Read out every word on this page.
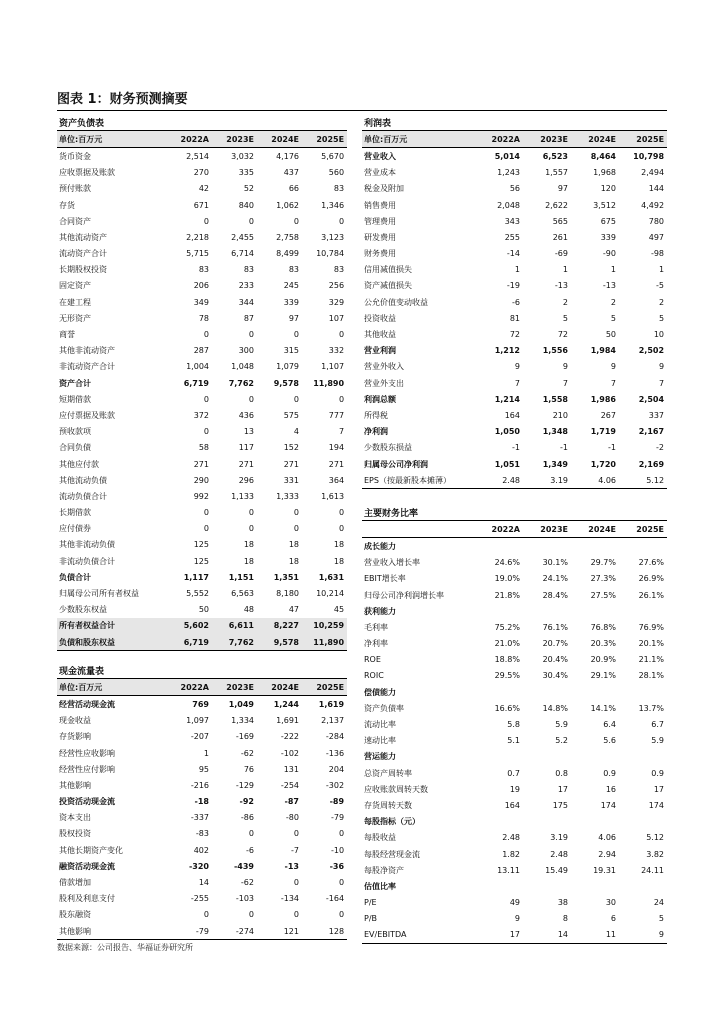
图表 1：财务预测摘要
资产负债表				
单位:百万元	2022A	2023E	2024E	2025E
货币资金	2,514	3,032	4,176	5,670
应收票据及账款	270	335	437	560
预付账款	42	52	66	83
存货	671	840	1,062	1,346
合同资产	0	0	0	0
其他流动资产	2,218	2,455	2,758	3,123
流动资产合计	5,715	6,714	8,499	10,784
长期股权投资	83	83	83	83
固定资产	206	233	245	256
在建工程	349	344	339	329
无形资产	78	87	97	107
商誉	0	0	0	0
其他非流动资产	287	300	315	332
非流动资产合计	1,004	1,048	1,079	1,107
资产合计	6,719	7,762	9,578	11,890
短期借款	0	0	0	0
应付票据及账款	372	436	575	777
预收款项	0	13	4	7
合同负债	58	117	152	194
其他应付款	271	271	271	271
其他流动负债	290	296	331	364
流动负债合计	992	1,133	1,333	1,613
长期借款	0	0	0	0
应付债券	0	0	0	0
其他非流动负债	125	18	18	18
非流动负债合计	125	18	18	18
负债合计	1,117	1,151	1,351	1,631
归属母公司所有者权益	5,552	6,563	8,180	10,214
少数股东权益	50	48	47	45
所有者权益合计	5,602	6,611	8,227	10,259
负债和股东权益	6,719	7,762	9,578	11,890
现金流量表				
单位:百万元	2022A	2023E	2024E	2025E
经营活动现金流	769	1,049	1,244	1,619
现金收益	1,097	1,334	1,691	2,137
存货影响	-207	-169	-222	-284
经营性应收影响	1	-62	-102	-136
经营性应付影响	95	76	131	204
其他影响	-216	-129	-254	-302
投资活动现金流	-18	-92	-87	-89
资本支出	-337	-86	-80	-79
股权投资	-83	0	0	0
其他长期资产变化	402	-6	-7	-10
融资活动现金流	-320	-439	-13	-36
借款增加	14	-62	0	0
股利及利息支付	-255	-103	-134	-164
股东融资	0	0	0	0
其他影响	-79	-274	121	128
利润表				
单位:百万元	2022A	2023E	2024E	2025E
营业收入	5,014	6,523	8,464	10,798
营业成本	1,243	1,557	1,968	2,494
税金及附加	56	97	120	144
销售费用	2,048	2,622	3,512	4,492
管理费用	343	565	675	780
研发费用	255	261	339	497
财务费用	-14	-69	-90	-98
信用减值损失	1	1	1	1
资产减值损失	-19	-13	-13	-5
公允价值变动收益	-6	2	2	2
投资收益	81	5	5	5
其他收益	72	72	50	10
营业利润	1,212	1,556	1,984	2,502
营业外收入	9	9	9	9
营业外支出	7	7	7	7
利润总额	1,214	1,558	1,986	2,504
所得税	164	210	267	337
净利润	1,050	1,348	1,719	2,167
少数股东损益	-1	-1	-1	-2
归属母公司净利润	1,051	1,349	1,720	2,169
EPS（按最新股本摊薄）	2.48	3.19	4.06	5.12
主要财务比率				
	2022A	2023E	2024E	2025E
成长能力				
营业收入增长率	24.6%	30.1%	29.7%	27.6%
EBIT增长率	19.0%	24.1%	27.3%	26.9%
归母公司净利润增长率	21.8%	28.4%	27.5%	26.1%
获利能力				
毛利率	75.2%	76.1%	76.8%	76.9%
净利率	21.0%	20.7%	20.3%	20.1%
ROE	18.8%	20.4%	20.9%	21.1%
ROIC	29.5%	30.4%	29.1%	28.1%
偿债能力				
资产负债率	16.6%	14.8%	14.1%	13.7%
流动比率	5.8	5.9	6.4	6.7
速动比率	5.1	5.2	5.6	5.9
营运能力				
总资产周转率	0.7	0.8	0.9	0.9
应收账款周转天数	19	17	16	17
存货周转天数	164	175	174	174
每股指标（元）				
每股收益	2.48	3.19	4.06	5.12
每股经营现金流	1.82	2.48	2.94	3.82
每股净资产	13.11	15.49	19.31	24.11
估值比率				
P/E	49	38	30	24
P/B	9	8	6	5
EV/EBITDA	17	14	11	9
数据来源：公司报告、华福证券研究所
